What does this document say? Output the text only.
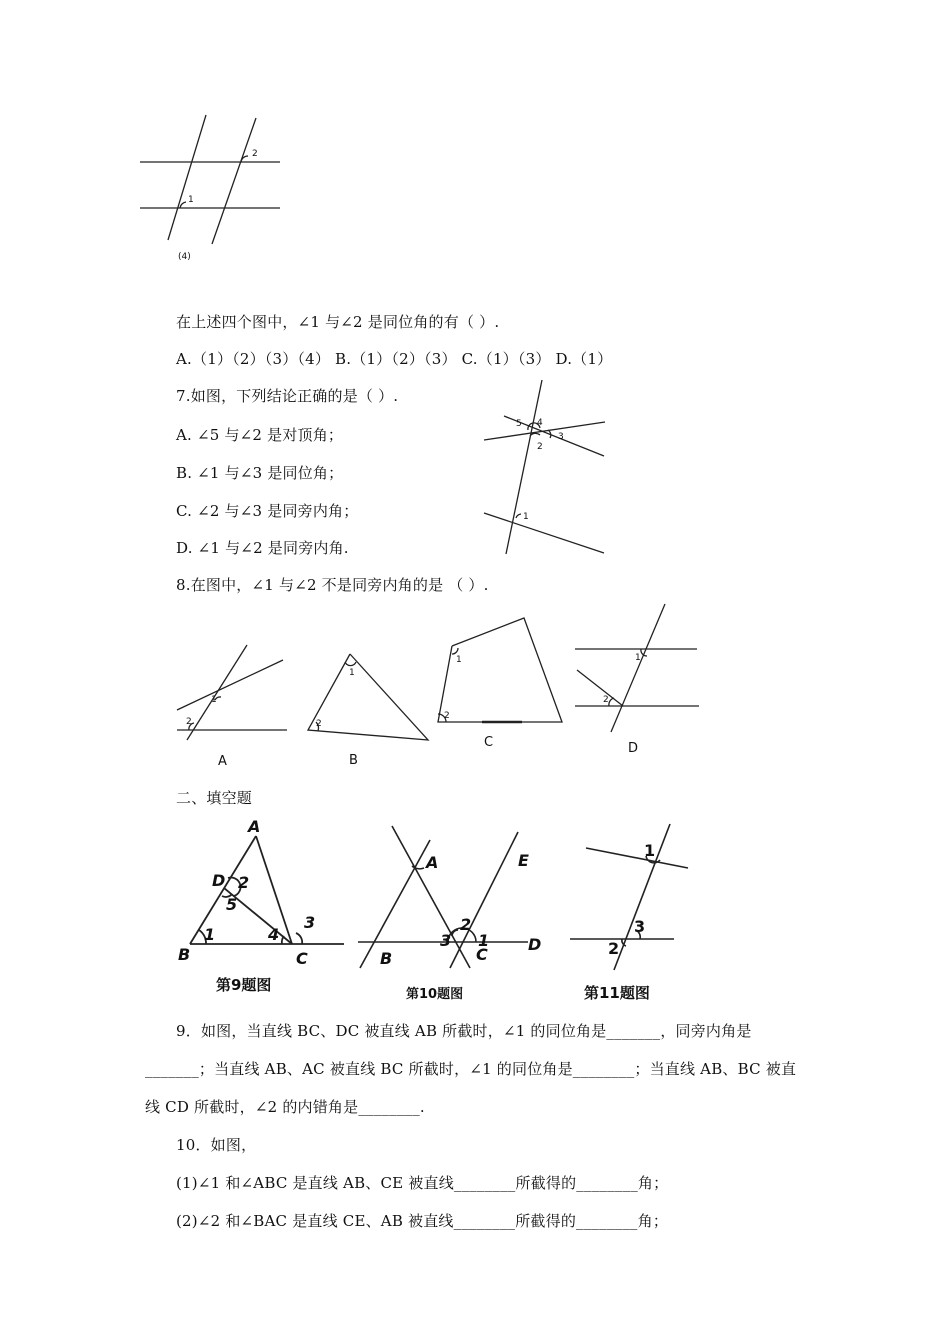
1
2
(4)
在上述四个图中，∠1 与∠2 是同位角的有（ ）.
A.（1）（2）（3）（4） B.（1）（2）（3） C.（1）（3） D.（1）
7.如图，下列结论正确的是（ ）.
A. ∠5 与∠2 是对顶角；
B. ∠1 与∠3 是同位角；
C. ∠2 与∠3 是同旁内角；
D. ∠1 与∠2 是同旁内角.
5 4
3
2
1
8.在图中，∠1 与∠2 不是同旁内角的是 （ ）.
1
2
A
1
2
B
1
2
C
1
2
D
二、填空题
A
D
B	C
2
5
1	4
3
第9题图
A
B	C
D
E
2
3 1
第10题图
1
3
2
第11题图
9．如图，当直线 BC、DC 被直线 AB 所截时，∠1 的同位角是_______，同旁内角是
_______；当直线 AB、AC 被直线 BC 所截时，∠1 的同位角是________；当直线 AB、BC 被直
线 CD 所截时，∠2 的内错角是________.
10．如图，
(1)∠1 和∠ABC 是直线 AB、CE 被直线________所截得的________角；
(2)∠2 和∠BAC 是直线 CE、AB 被直线________所截得的________角；
